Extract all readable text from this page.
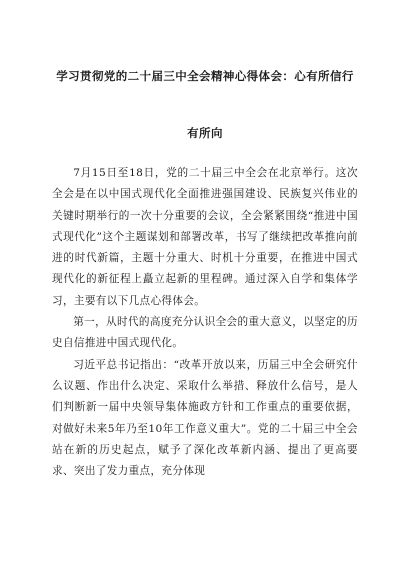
学习贯彻党的二十届三中全会精神心得体会：心有所信行
有所向

7月15日至18日，党的二十届三中全会在北京举行。这次全会是在以中国式现代化全面推进强国建设、民族复兴伟业的关键时期举行的一次十分重要的会议，全会紧紧围绕“推进中国式现代化”这个主题谋划和部署改革，书写了继续把改革推向前进的时代新篇，主题十分重大、时机十分重要，在推进中国式现代化的新征程上矗立起新的里程碑。通过深入自学和集体学习，主要有以下几点心得体会。

第一，从时代的高度充分认识全会的重大意义，以坚定的历史自信推进中国式现代化。

习近平总书记指出：“改革开放以来，历届三中全会研究什么议题、作出什么决定、采取什么举措、释放什么信号，是人们判断新一届中央领导集体施政方针和工作重点的重要依据，对做好未来5年乃至10年工作意义重大”。党的二十届三中全会站在新的历史起点，赋予了深化改革新内涵、提出了更高要求、突出了发力重点，充分体现
